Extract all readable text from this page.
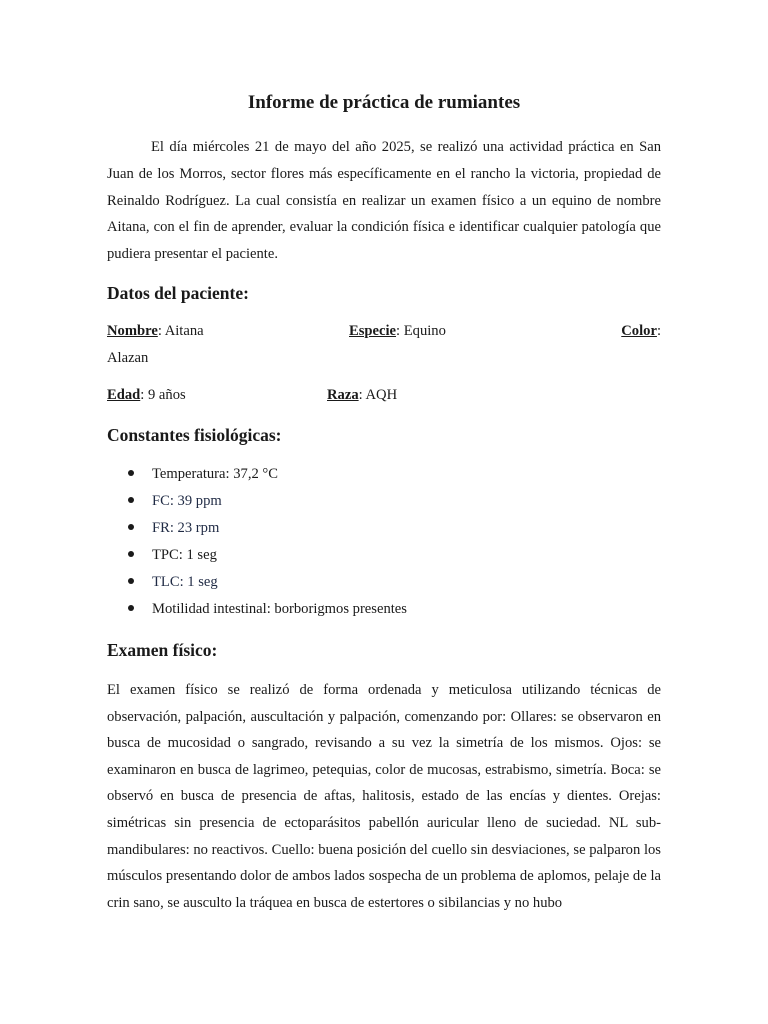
Informe de práctica de rumiantes

El día miércoles 21 de mayo del año 2025, se realizó una actividad práctica en San Juan de los Morros, sector flores más específicamente en el rancho la victoria, propiedad de Reinaldo Rodríguez. La cual consistía en realizar un examen físico a un equino de nombre Aitana, con el fin de aprender, evaluar la condición física e identificar cualquier patología que pudiera presentar el paciente.

Datos del paciente:
Nombre: Aitana	Especie: Equino	Color:
Alazan
Edad: 9 años	Raza: AQH
Constantes fisiológicas:
Temperatura: 37,2 °C
FC: 39 ppm
FR: 23 rpm
TPC: 1 seg
TLC: 1 seg
Motilidad intestinal: borborigmos presentes
Examen físico:

El examen físico se realizó de forma ordenada y meticulosa utilizando técnicas de observación, palpación, auscultación y palpación, comenzando por: Ollares: se observaron en busca de mucosidad o sangrado, revisando a su vez la simetría de los mismos. Ojos: se examinaron en busca de lagrimeo, petequias, color de mucosas, estrabismo, simetría. Boca: se observó en busca de presencia de aftas, halitosis, estado de las encías y dientes. Orejas: simétricas sin presencia de ectoparásitos pabellón auricular lleno de suciedad. NL sub-mandibulares: no reactivos. Cuello: buena posición del cuello sin desviaciones, se palparon los músculos presentando dolor de ambos lados sospecha de un problema de aplomos, pelaje de la crin sano, se ausculto la tráquea en busca de estertores o sibilancias y no hubo
